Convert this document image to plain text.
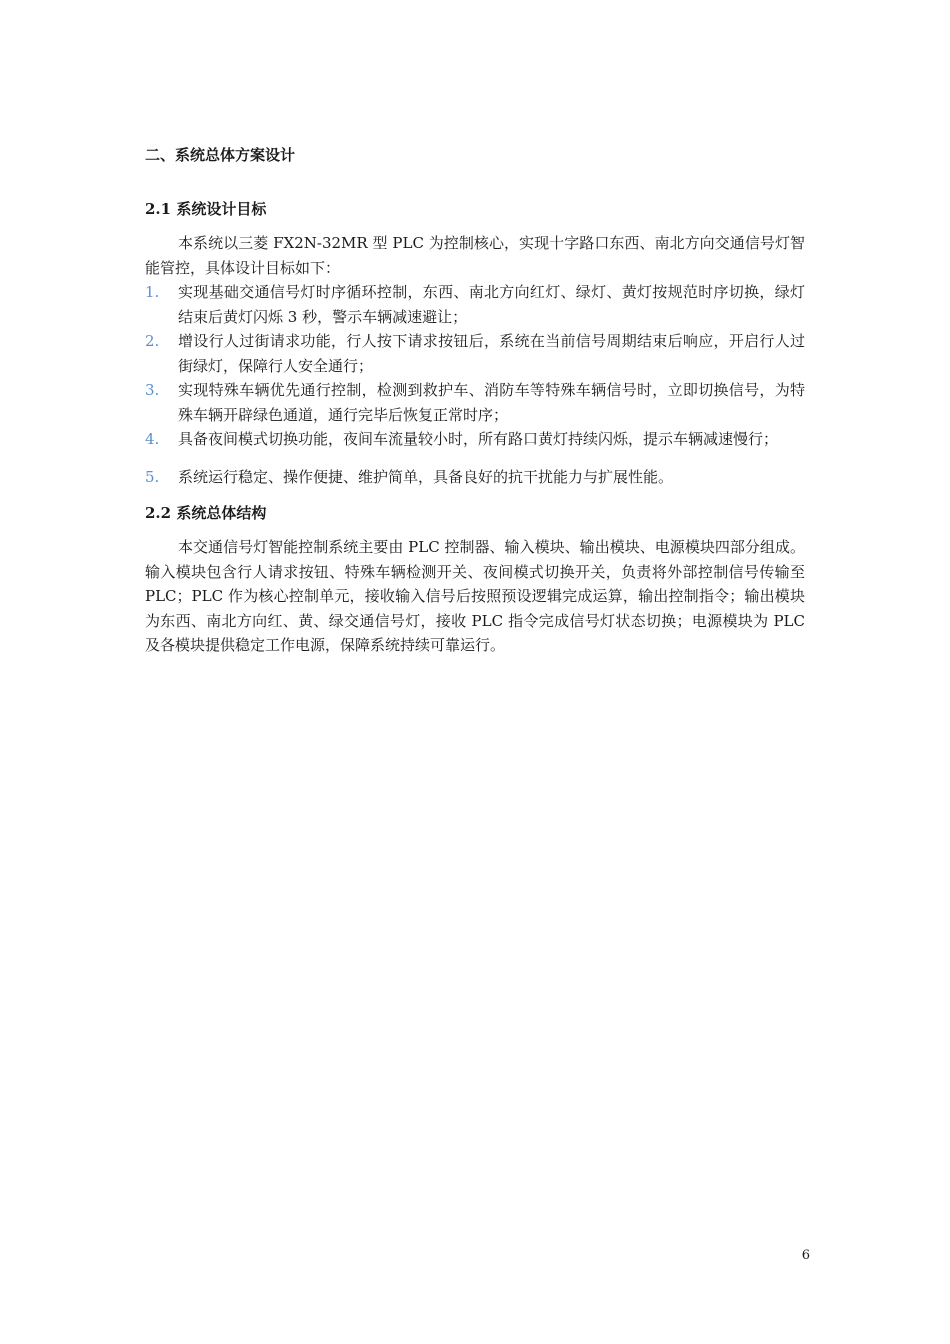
二、系统总体方案设计
2.1 系统设计目标

本系统以三菱 FX2N-32MR 型 PLC 为控制核心，实现十字路口东西、南北方向交通信号灯智能管控，具体设计目标如下：

1. 实现基础交通信号灯时序循环控制，东西、南北方向红灯、绿灯、黄灯按规范时序切换，绿灯结束后黄灯闪烁 3 秒，警示车辆减速避让；
2. 增设行人过街请求功能，行人按下请求按钮后，系统在当前信号周期结束后响应，开启行人过街绿灯，保障行人安全通行；
3. 实现特殊车辆优先通行控制，检测到救护车、消防车等特殊车辆信号时，立即切换信号，为特殊车辆开辟绿色通道，通行完毕后恢复正常时序；
4. 具备夜间模式切换功能，夜间车流量较小时，所有路口黄灯持续闪烁，提示车辆减速慢行；
5. 系统运行稳定、操作便捷、维护简单，具备良好的抗干扰能力与扩展性能。
2.2 系统总体结构

本交通信号灯智能控制系统主要由 PLC 控制器、输入模块、输出模块、电源模块四部分组成。输入模块包含行人请求按钮、特殊车辆检测开关、夜间模式切换开关，负责将外部控制信号传输至 PLC；PLC 作为核心控制单元，接收输入信号后按照预设逻辑完成运算，输出控制指令；输出模块为东西、南北方向红、黄、绿交通信号灯，接收 PLC 指令完成信号灯状态切换；电源模块为 PLC 及各模块提供稳定工作电源，保障系统持续可靠运行。

6
